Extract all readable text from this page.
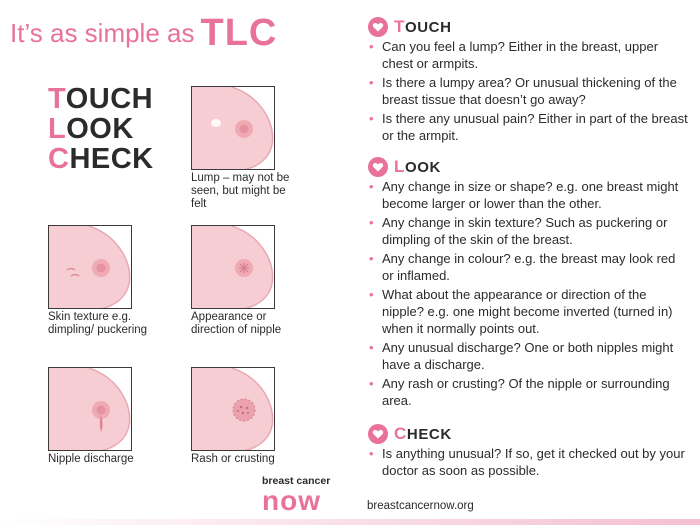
It’s as simple as TLC
TOUCH
LOOK
CHECK
Lump – may not be seen, but might be felt
Skin texture e.g. dimpling/ puckering
Appearance or direction of nipple
Nipple discharge	Rash or crusting
TOUCH
• Can you feel a lump? Either in the breast, upper chest or armpits.
• Is there a lumpy area? Or unusual thickening of the breast tissue that doesn’t go away?
• Is there any unusual pain? Either in part of the breast or the armpit.
LOOK
• Any change in size or shape? e.g. one breast might become larger or lower than the other.
• Any change in skin texture? Such as puckering or dimpling of the skin of the breast.
• Any change in colour? e.g. the breast may look red or inflamed.
• What about the appearance or direction of the nipple? e.g. one might become inverted (turned in) when it normally points out.
• Any unusual discharge? One or both nipples might have a discharge.
• Any rash or crusting? Of the nipple or surrounding area.
CHECK
• Is anything unusual? If so, get it checked out by your doctor as soon as possible.
breast cancer
now	breastcancernow.org
